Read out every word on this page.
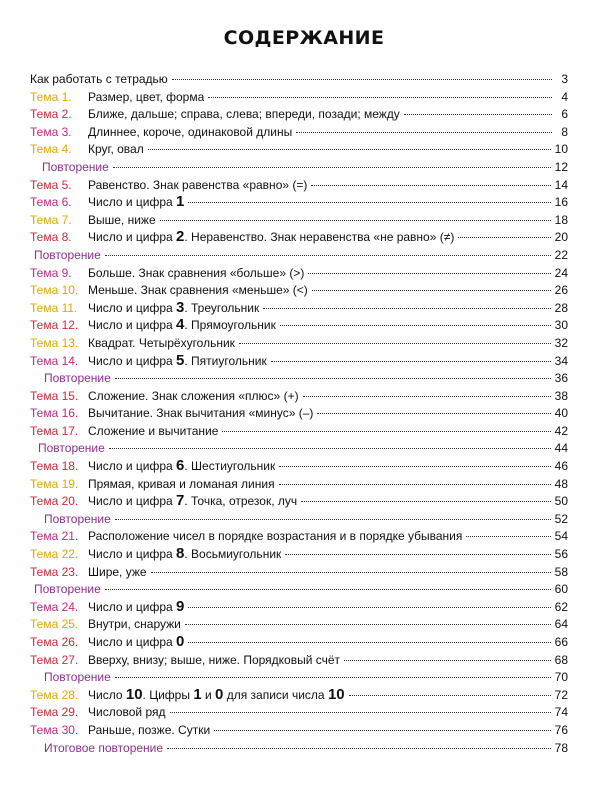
СОДЕРЖАНИЕ
Как работать с тетрадью	3
Тема 1.	Размер, цвет, форма	4
Тема 2.	Ближе, дальше; справа, слева; впереди, позади; между	6
Тема 3.	Длиннее, короче, одинаковой длины	8
Тема 4.	Круг, овал	10
Повторение	12
Тема 5.	Равенство. Знак равенства «равно» (=)	14
Тема 6.	Число и цифра 1	16
Тема 7.	Выше, ниже	18
Тема 8.	Число и цифра 2. Неравенство. Знак неравенства «не равно» (≠)	20
Повторение	22
Тема 9.	Больше. Знак сравнения «больше» (>)	24
Тема 10. Меньше. Знак сравнения «меньше» (<)	26
Тема 11. Число и цифра 3. Треугольник	28
Тема 12. Число и цифра 4. Прямоугольник	30
Тема 13. Квадрат. Четырёхугольник	32
Тема 14. Число и цифра 5. Пятиугольник	34
Повторение	36
Тема 15. Сложение. Знак сложения «плюс» (+)	38
Тема 16. Вычитание. Знак вычитания «минус» (–)	40
Тема 17. Сложение и вычитание	42
Повторение	44
Тема 18. Число и цифра 6. Шестиугольник	46
Тема 19. Прямая, кривая и ломаная линия	48
Тема 20. Число и цифра 7. Точка, отрезок, луч	50
Повторение	52
Тема 21. Расположение чисел в порядке возрастания и в порядке убывания	54
Тема 22. Число и цифра 8. Восьмиугольник	56
Тема 23. Шире, уже	58
Повторение	60
Тема 24. Число и цифра 9	62
Тема 25. Внутри, снаружи	64
Тема 26. Число и цифра 0	66
Тема 27. Вверху, внизу; выше, ниже. Порядковый счёт	68
Повторение	70
Тема 28. Число 10. Цифры 1 и 0 для записи числа 10	72
Тема 29. Числовой ряд	74
Тема 30. Раньше, позже. Сутки	76
Итоговое повторение	78
